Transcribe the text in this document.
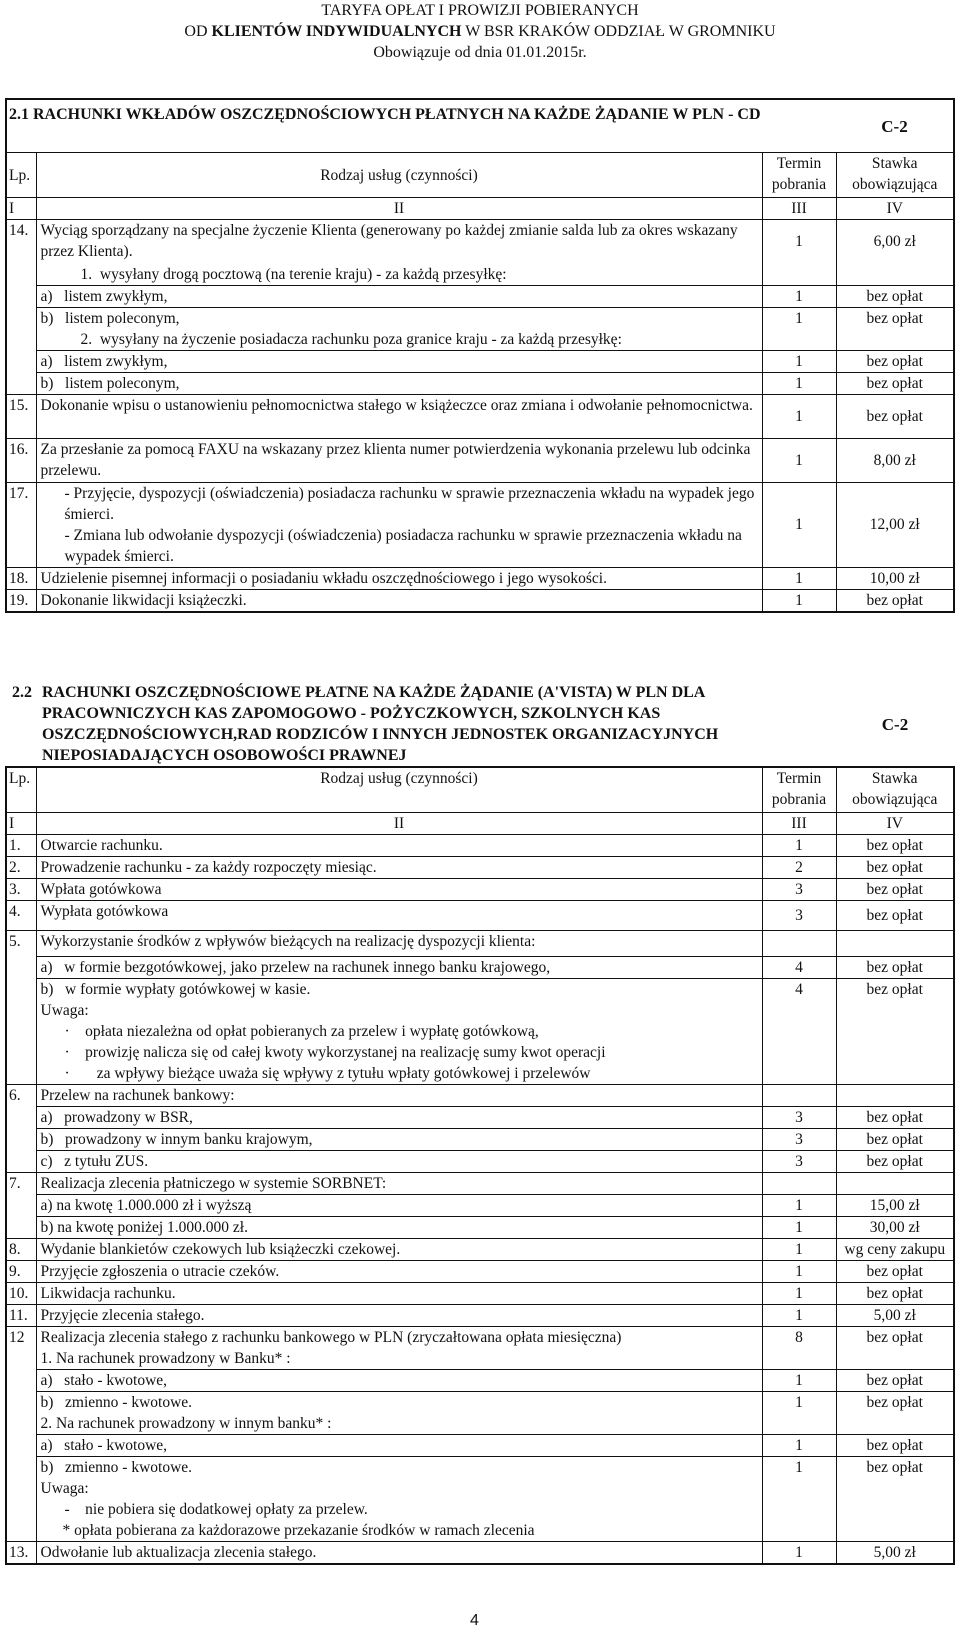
TARYFA OPŁAT I PROWIZJI POBIERANYCH
OD KLIENTÓW INDYWIDUALNYCH W BSR KRAKÓW ODDZIAŁ W GROMNIKU
Obowiązuje od dnia 01.01.2015r.
2.1 RACHUNKI WKŁADÓW OSZCZĘDNOŚCIOWYCH PŁATNYCH NA KAŻDE ŻĄDANIE W PLN - CD			C-2
Lp.	Rodzaj usług (czynności)	Termin pobrania	Stawka obowiązująca
I	II	III	IV
14.	Wyciąg sporządzany na specjalne życzenie Klienta (generowany po każdej zmianie salda lub za okres wskazany przez Klienta).	1	6,00 zł
	1.  wysyłany drogą pocztową (na terenie kraju) - za każdą przesyłkę:		
	a)   listem zwykłym,	1	bez opłat
	b)   listem poleconym,	1	bez opłat
	2.  wysyłany na życzenie posiadacza rachunku poza granice kraju - za każdą przesyłkę:		
	a)   listem zwykłym,	1	bez opłat
	b)   listem poleconym,	1	bez opłat
15.	Dokonanie wpisu o ustanowieniu pełnomocnictwa stałego w książeczce oraz zmiana i odwołanie pełnomocnictwa.	1	bez opłat
16.	Za przesłanie za pomocą FAXU na wskazany przez klienta numer potwierdzenia wykonania przelewu lub odcinka przelewu.	1	8,00 zł
17.	- Przyjęcie, dyspozycji (oświadczenia) posiadacza rachunku w sprawie przeznaczenia wkładu na wypadek jego śmierci.
- Zmiana lub odwołanie dyspozycji (oświadczenia) posiadacza rachunku w sprawie przeznaczenia wkładu na wypadek śmierci.	1	12,00 zł
18.	Udzielenie pisemnej informacji o posiadaniu wkładu oszczędnościowego i jego wysokości.	1	10,00 zł
19.	Dokonanie likwidacji książeczki.	1	bez opłat
2.2	RACHUNKI OSZCZĘDNOŚCIOWE PŁATNE NA KAŻDE ŻĄDANIE (A'VISTA) W PLN DLA PRACOWNICZYCH KAS ZAPOMOGOWO - POŻYCZKOWYCH, SZKOLNYCH KAS OSZCZĘDNOŚCIOWYCH,RAD RODZICÓW I INNYCH JEDNOSTEK ORGANIZACYJNYCH NIEPOSIADAJĄCYCH OSOBOWOŚCI PRAWNEJ		C-2
Lp.	Rodzaj usług (czynności)	Termin pobrania	Stawka obowiązująca
I	II	III	IV
1.	Otwarcie rachunku.	1	bez opłat
2.	Prowadzenie rachunku - za każdy rozpoczęty miesiąc.	2	bez opłat
3.	Wpłata gotówkowa	3	bez opłat
4.	Wypłata gotówkowa	3	bez opłat
5.	Wykorzystanie środków z wpływów bieżących na realizację dyspozycji klienta:		
	a)   w formie bezgotówkowej, jako przelew na rachunek innego banku krajowego,	4	bez opłat
	b)   w formie wypłaty gotówkowej w kasie.	4	bez opłat
	Uwaga:		
	·    opłata niezależna od opłat pobieranych za przelew i wypłatę gotówkową,		
	·    prowizję nalicza się od całej kwoty wykorzystanej na realizację sumy kwot operacji		
	·       za wpływy bieżące uważa się wpływy z tytułu wpłaty gotówkowej i przelewów		
6.	Przelew na rachunek bankowy:		
	a)   prowadzony w BSR,	3	bez opłat
	b)   prowadzony w innym banku krajowym,	3	bez opłat
	c)   z tytułu ZUS.	3	bez opłat
7.	Realizacja zlecenia płatniczego w systemie SORBNET:		
	a) na kwotę 1.000.000 zł i wyższą	1	15,00 zł
	b) na kwotę poniżej 1.000.000 zł.	1	30,00 zł
8.	Wydanie blankietów czekowych lub książeczki czekowej.	1	wg ceny zakupu
9.	Przyjęcie zgłoszenia o utracie czeków.	1	bez opłat
10.	Likwidacja rachunku.	1	bez opłat
11.	Przyjęcie zlecenia stałego.	1	5,00 zł
12	Realizacja zlecenia stałego z rachunku bankowego w PLN (zryczałtowana opłata miesięczna)	8	bez opłat
	1. Na rachunek prowadzony w Banku* :		
	a)   stało - kwotowe,	1	bez opłat
	b)   zmienno - kwotowe.	1	bez opłat
	2. Na rachunek prowadzony w innym banku* :		
	a)   stało - kwotowe,	1	bez opłat
	b)   zmienno - kwotowe.	1	bez opłat
	Uwaga:		
	-    nie pobiera się dodatkowej opłaty za przelew.		
	* opłata pobierana za każdorazowe przekazanie środków w ramach zlecenia		
13.	Odwołanie lub aktualizacja zlecenia stałego.	1	5,00 zł
4
